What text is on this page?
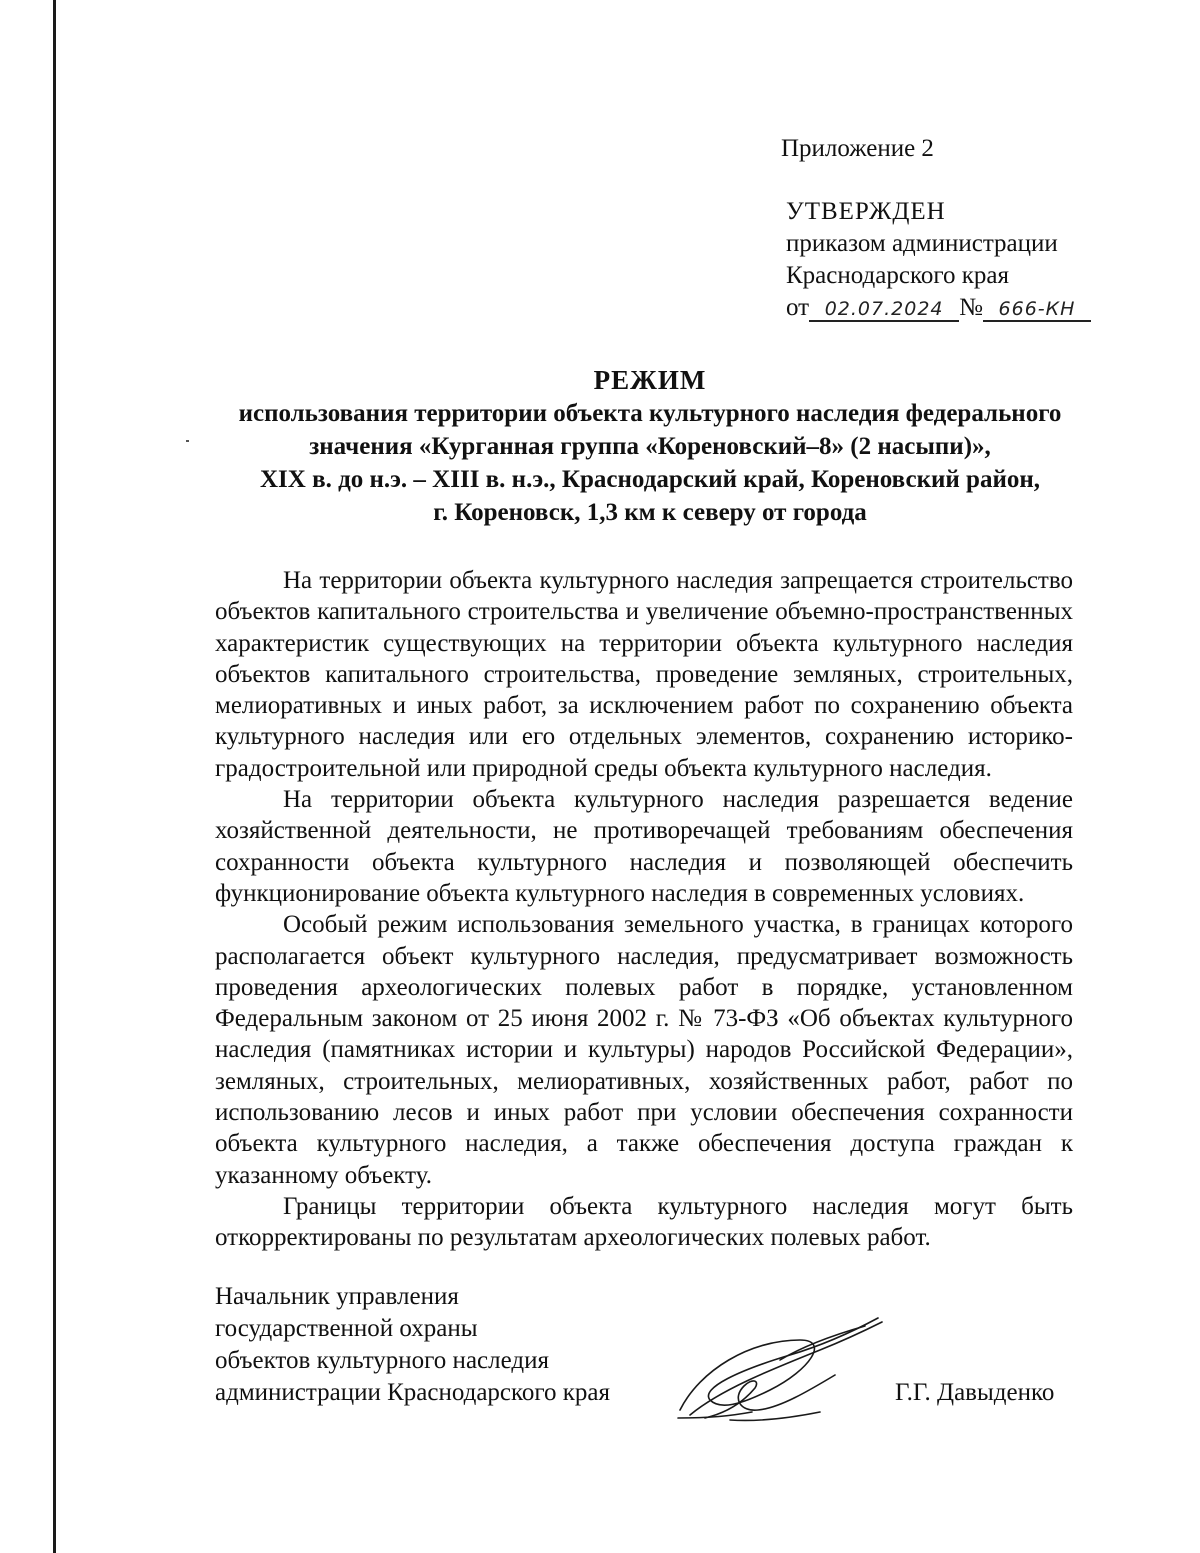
Приложение 2
УТВЕРЖДЕН
приказом администрации
Краснодарского края
от 02.07.2024 № 666-КН
РЕЖИМ
использования территории объекта культурного наследия федерального
значения «Курганная группа «Кореновский–8» (2 насыпи)»,
XIX в. до н.э. – XIII в. н.э., Краснодарский край, Кореновский район,
г. Кореновск, 1,3 км к северу от города

На территории объекта культурного наследия запрещается строительство объектов капитального строительства и увеличение объемно-пространственных характеристик существующих на территории объекта культурного наследия объектов капитального строительства, проведение земляных, строительных, мелиоративных и иных работ, за исключением работ по сохранению объекта культурного наследия или его отдельных элементов, сохранению историко-градостроительной или природной среды объекта культурного наследия.

На территории объекта культурного наследия разрешается ведение хозяйственной деятельности, не противоречащей требованиям обеспечения сохранности объекта культурного наследия и позволяющей обеспечить функционирование объекта культурного наследия в современных условиях.

Особый режим использования земельного участка, в границах которого располагается объект культурного наследия, предусматривает возможность проведения археологических полевых работ в порядке, установленном Федеральным законом от 25 июня 2002 г. № 73-ФЗ «Об объектах культурного наследия (памятниках истории и культуры) народов Российской Федерации», земляных, строительных, мелиоративных, хозяйственных работ, работ по использованию лесов и иных работ при условии обеспечения сохранности объекта культурного наследия, а также обеспечения доступа граждан к указанному объекту.

Границы территории объекта культурного наследия могут быть откорректированы по результатам археологических полевых работ.

Начальник управления
государственной охраны
объектов культурного наследия
администрации Краснодарского края	Г.Г. Давыденко
